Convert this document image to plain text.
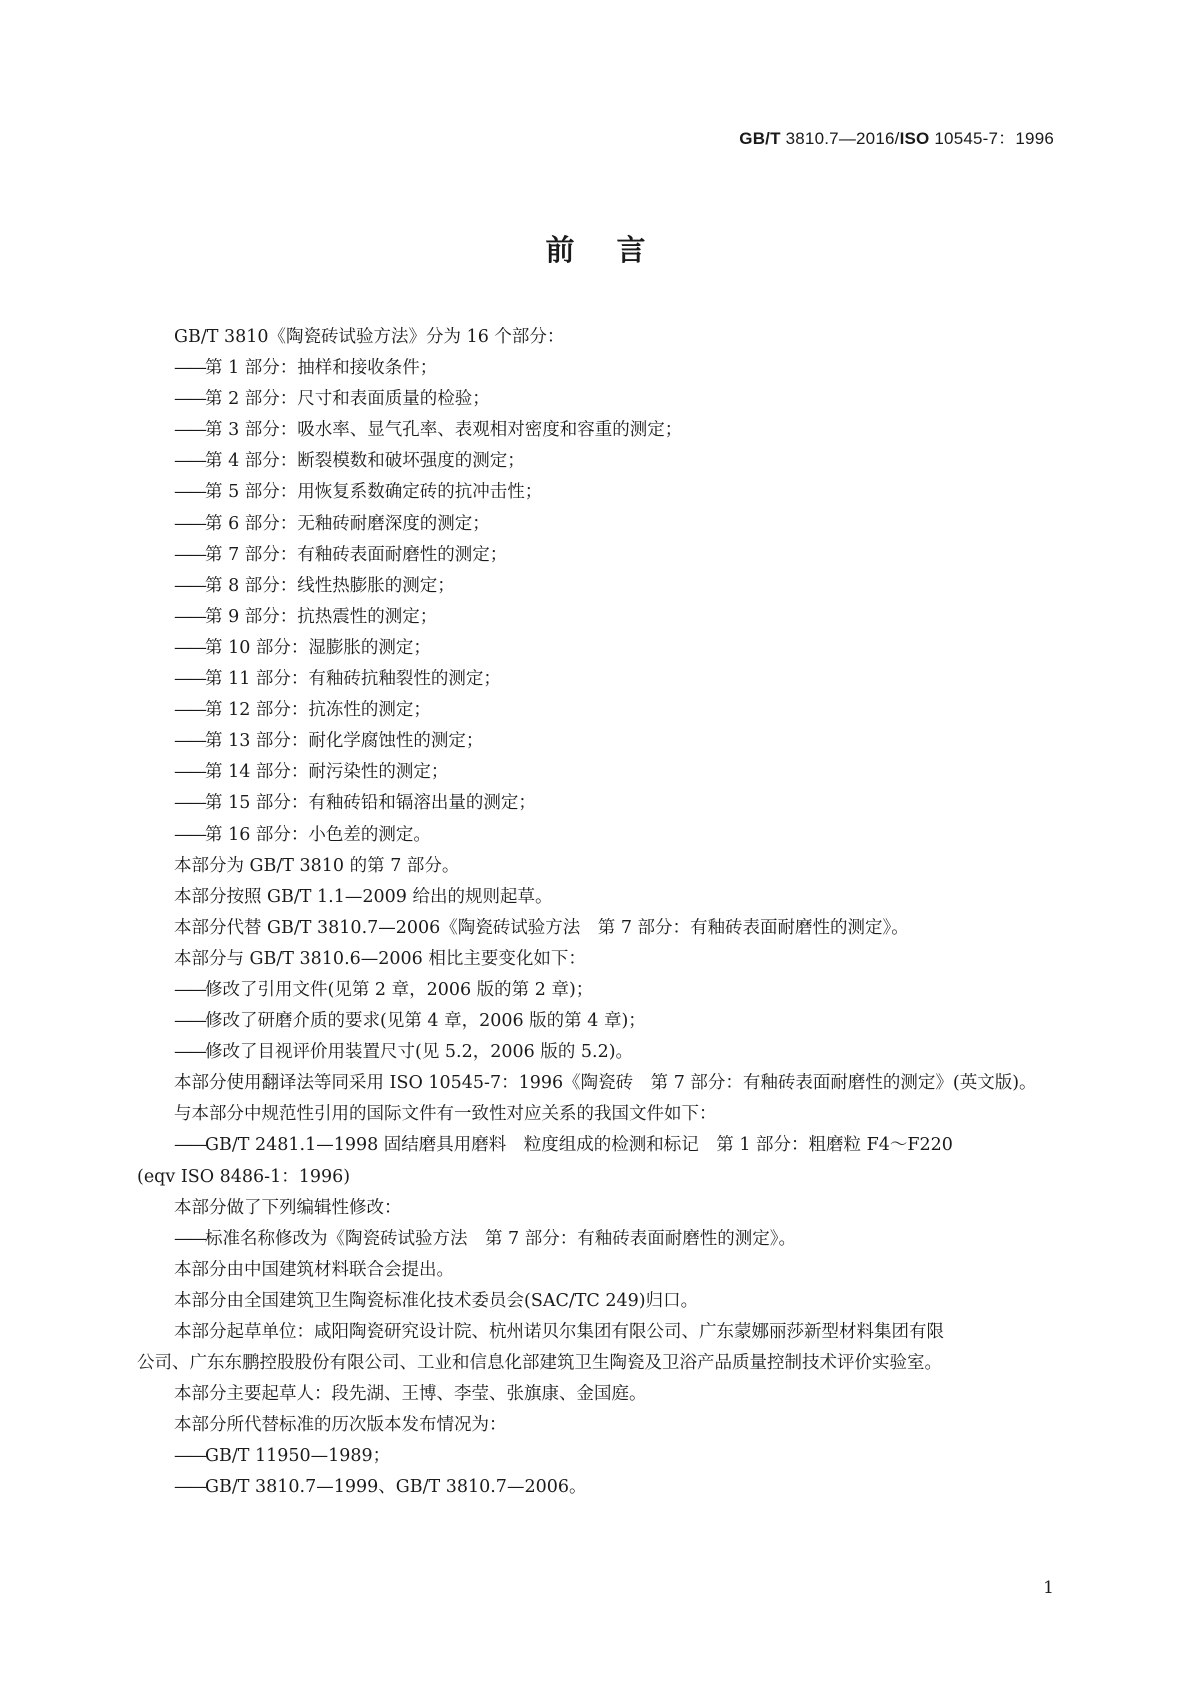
GB/T 3810.7—2016/ISO 10545-7：1996
前言
GB/T 3810《陶瓷砖试验方法》分为 16 个部分：
——第 1 部分：抽样和接收条件；
——第 2 部分：尺寸和表面质量的检验；
——第 3 部分：吸水率、显气孔率、表观相对密度和容重的测定；
——第 4 部分：断裂模数和破坏强度的测定；
——第 5 部分：用恢复系数确定砖的抗冲击性；
——第 6 部分：无釉砖耐磨深度的测定；
——第 7 部分：有釉砖表面耐磨性的测定；
——第 8 部分：线性热膨胀的测定；
——第 9 部分：抗热震性的测定；
——第 10 部分：湿膨胀的测定；
——第 11 部分：有釉砖抗釉裂性的测定；
——第 12 部分：抗冻性的测定；
——第 13 部分：耐化学腐蚀性的测定；
——第 14 部分：耐污染性的测定；
——第 15 部分：有釉砖铅和镉溶出量的测定；
——第 16 部分：小色差的测定。
本部分为 GB/T 3810 的第 7 部分。
本部分按照 GB/T 1.1—2009 给出的规则起草。
本部分代替 GB/T 3810.7—2006《陶瓷砖试验方法　第 7 部分：有釉砖表面耐磨性的测定》。
本部分与 GB/T 3810.6—2006 相比主要变化如下：
——修改了引用文件(见第 2 章，2006 版的第 2 章)；
——修改了研磨介质的要求(见第 4 章，2006 版的第 4 章)；
——修改了目视评价用装置尺寸(见 5.2，2006 版的 5.2)。
本部分使用翻译法等同采用 ISO 10545-7：1996《陶瓷砖　第 7 部分：有釉砖表面耐磨性的测定》(英文版)。
与本部分中规范性引用的国际文件有一致性对应关系的我国文件如下：
——GB/T 2481.1—1998 固结磨具用磨料　粒度组成的检测和标记　第 1 部分：粗磨粒 F4～F220
(eqv ISO 8486-1：1996)
本部分做了下列编辑性修改：
——标准名称修改为《陶瓷砖试验方法　第 7 部分：有釉砖表面耐磨性的测定》。
本部分由中国建筑材料联合会提出。
本部分由全国建筑卫生陶瓷标准化技术委员会(SAC/TC 249)归口。
本部分起草单位：咸阳陶瓷研究设计院、杭州诺贝尔集团有限公司、广东蒙娜丽莎新型材料集团有限
公司、广东东鹏控股股份有限公司、工业和信息化部建筑卫生陶瓷及卫浴产品质量控制技术评价实验室。
本部分主要起草人：段先湖、王博、李莹、张旗康、金国庭。
本部分所代替标准的历次版本发布情况为：
——GB/T 11950—1989；
——GB/T 3810.7—1999、GB/T 3810.7—2006。
1
